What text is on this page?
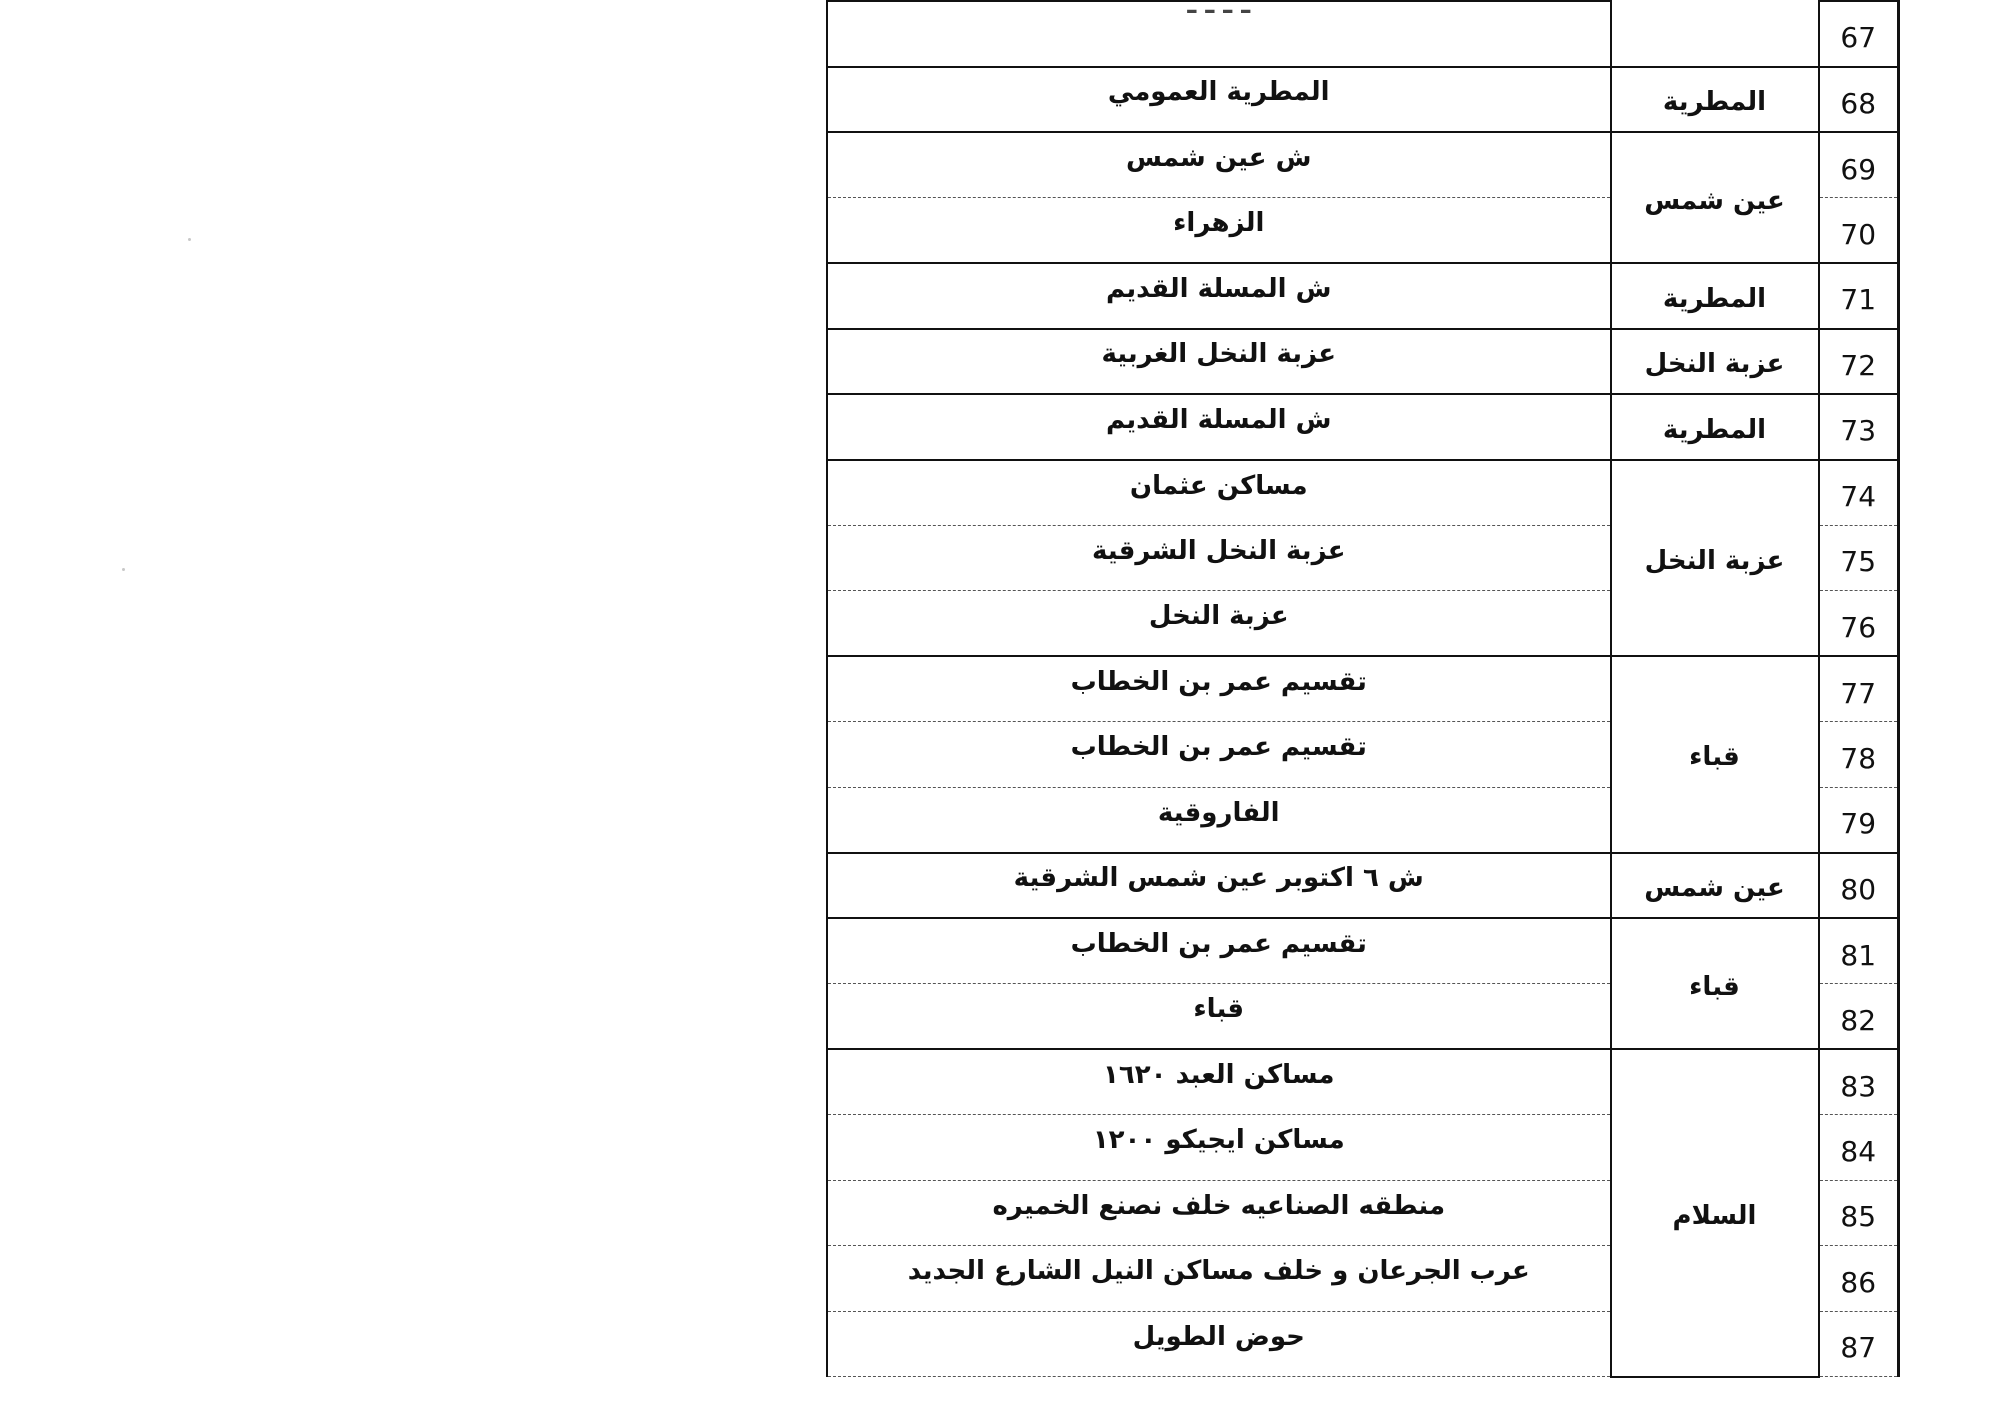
67		ـ ـ ـ ـ
68	المطرية	المطرية العمومي
69	عين شمس	ش عين شمس
70		الزهراء
71	المطرية	ش المسلة القديم
72	عزبة النخل	عزبة النخل الغربية
73	المطرية	ش المسلة القديم
74	عزبة النخل	مساكن عثمان
75		عزبة النخل الشرقية
76		عزبة النخل
77	قباء	تقسيم عمر بن الخطاب
78		تقسيم عمر بن الخطاب
79		الفاروقية
80	عين شمس	ش ٦ اكتوبر عين شمس الشرقية
81	قباء	تقسيم عمر بن الخطاب
82		قباء
83	السلام	مساكن العبد ١٦٢٠
84		مساكن ايجيكو ١٢٠٠
85		منطقه الصناعيه خلف نصنع الخميره
86		عرب الجرعان و خلف مساكن النيل الشارع الجديد
87		حوض الطويل
